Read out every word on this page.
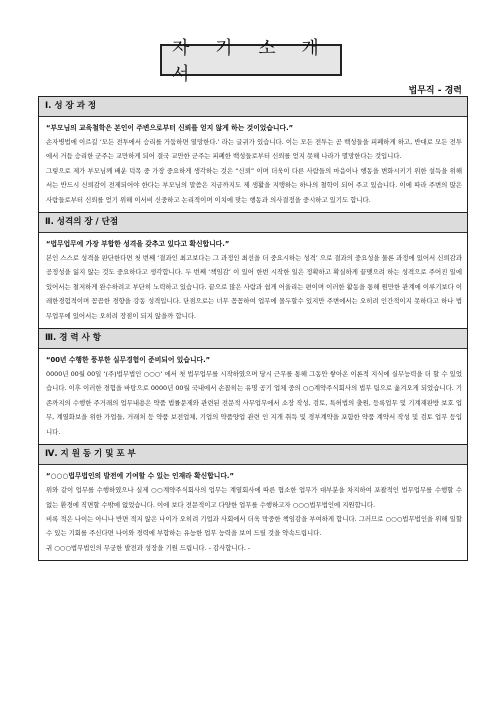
자 기 소 개 서
법무직 - 경력
Ⅰ. 성 장 과 정

“부모님의 교육철학은 본인이 주변으로부터 신뢰를 얻지 않게 하는 것이었습니다.”

손자병법에 이르길 ‘모든 전투에서 승리를 거둠하면 열망한다.’ 라는 글귀가 있습니다. 이는 모든 전투는 곧 백성들을 피폐하게 하고, 반대로 모든 전투에서 거듭 승리한 군주는 교만하게 되어 결국 교만한 군주는 피폐한 백성들로부터 신뢰를 얻지 못해 나라가 멸망한다는 것입니다.

그렇으로 제가 부모님께 배운 덕목 중 가장 중요하게 생각하는 것은 “신뢰” 이며 더욱이 다른 사람들의 마음이나 행동을 변화시키기 위한 설득을 위해서는 반드시 신뢰감이 전제되어야 한다는 부모님의 말씀은 지금까지도 제 생활을 지탱하는 하나의 철학이 되어 주고 있습니다. 이에 따라 주변의 많은 사람들로부터 신뢰를 얻기 위해 이서비 신중하고 논리적이며 이치에 맞는 행동과 의사결정을 중시하고 있기도 합니다.

Ⅱ. 성격의 장 / 단점

“법무업무에 가장 부합한 성격을 갖추고 있다고 확신합니다.”

본인 스스로 성격을 판단한다면 첫 번째 ‘결과인 최고보다는 그 과정인 최선을 더 중요시하는 성격’ 으로 결과의 중요성을 물론 과정에 있어서 신뢰감과 공정성을 잃지 않는 것도 중요하다고 생각합니다. 두 번째 ‘책임감’ 이 있어 한번 시작한 일은 정확하고 확실하게 끝맺으려 하는 성격으로 주어진 일에 있어서는 철저하게 완수하려고 부단히 노력하고 있습니다. 끝으로 많은 사람과 쉽게 어울리는 편이며 이러한 활동을 통해 원만한 관계에 이루기보다 이레한경험적이며 꼼꼼한 경향을 강동 성격입니다. 단점으로는 너무 꼼꼼하여 업무에 몰두할수 있지만 주변에서는 오히려 인간적이지 못하다고 하나 법무업무에 있어서는 오히려 장점이 되지 않을까 합니다.

Ⅲ. 경 력 사 항

“00년 수행한 풍부한 실무경험이 준비되어 있습니다.”

0000년 00월 00일 ‘(주)법무법인 ○○○’ 에서 첫 법무업무를 시작하였으며 당시 근무를 통해 그동안 쌓아온 이론적 지식에 실무능력을 더 할 수 있었습니다. 이후 이러한 경험을 바탕으로 0000년 00월 국내에서 손꼽히는 유명 공기 업체 중의 ○○계약주식회사의 법무 팀으로 옮겨오게 되었습니다. 기존까지의 수행한 주거래의 업무내용은 약품 법률문제와 관련된 전문적 사무업무에서 소장 작성, 검토, 특허법의 출원, 등록업무 및 기계재판방 보호 업무, 계열화보을 위한 가업들, 거래처 등 약품 보전업체, 기업의 약품양업 관련 인 지개 취득 및 경부계약을 포함한 약품 계약서 작성 및 검토 업무 등입니다.

Ⅳ. 지 원 동 기 및 포 부

“○○○법무법인의 발전에 기여할 수 있는 인재라 확신합니다.”

위와 같이 업무를 수행하였으나 실제 ○○계약주식회사의 업무는 계열회사에 따른 협소한 업무가 대부분을 차지하여 포괄적인 법무업무를 수행할 수 없는 환경에 직면할 수밖에 없었습니다. 이에 보다 전문적이고 다양한 업무를 수행하고자 ○○○법무법인에 지원합니다.

비록 적은 나이는 아니나 반면 적지 않은 나이가 오히려 기업과 사회에서 더욱 막중한 책임감을 부여하게 합니다. 그러므로 ○○○법무법인을 위해 일할 수 있는 기회를 주신다면 나이와 경력에 부합하는 유능한 업무 능력을 보여 드릴 것을 약속드립니다.

귀 ○○○법무법인의 무궁한 발전과 성장을 기원 드립니다. - 감사합니다. -
